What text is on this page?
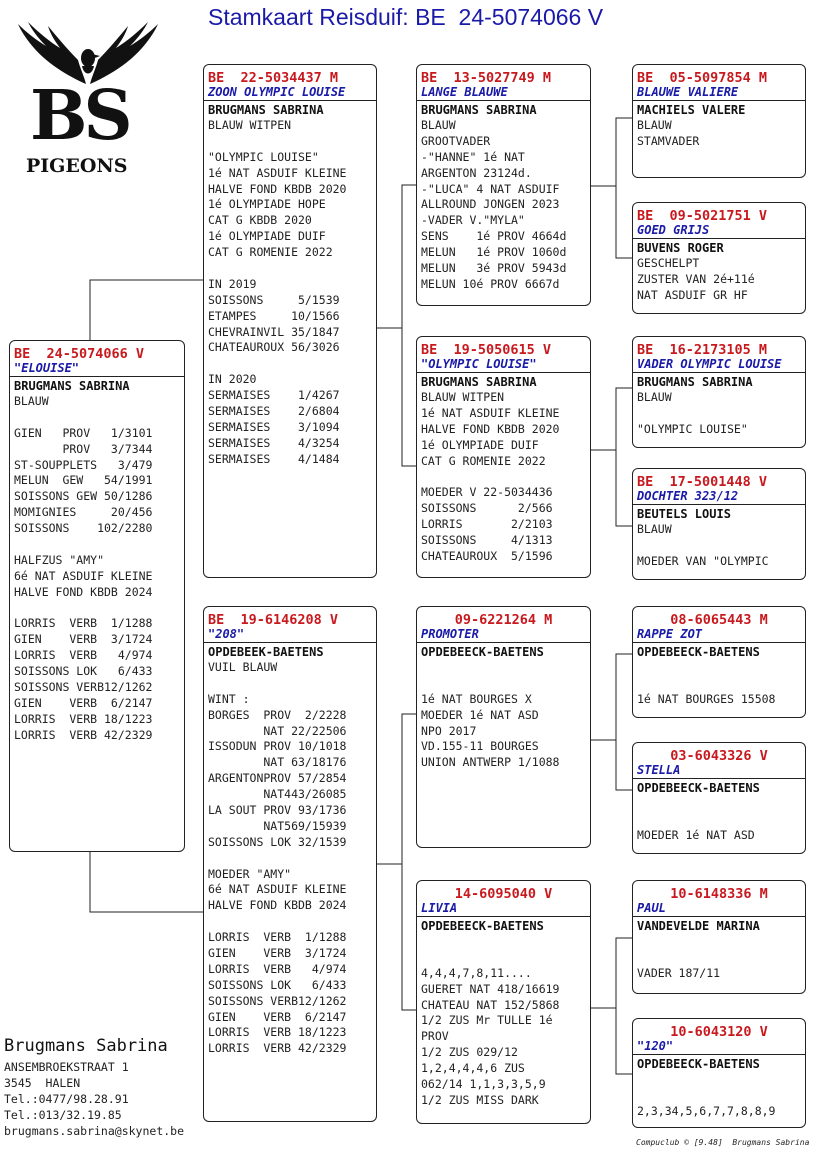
Stamkaart Reisduif: BE  24-5074066 V
BS
PIGEONS
BE  24-5074066 V
"ELOUISE"
BRUGMANS SABRINA
BLAUW
GIEN   PROV   1/3101
PROV   3/7344
ST-SOUPPLETS   3/479
MELUN  GEW   54/1991
SOISSONS GEW 50/1286
MOMIGNIES     20/456
SOISSONS    102/2280
HALFZUS "AMY"
6é NAT ASDUIF KLEINE
HALVE FOND KBDB 2024
LORRIS  VERB  1/1288
GIEN    VERB  3/1724
LORRIS  VERB   4/974
SOISSONS LOK   6/433
SOISSONS VERB12/1262
GIEN    VERB  6/2147
LORRIS  VERB 18/1223
LORRIS  VERB 42/2329
BE  22-5034437 M
ZOON OLYMPIC LOUISE
BRUGMANS SABRINA
BLAUW WITPEN
"OLYMPIC LOUISE"
1é NAT ASDUIF KLEINE
HALVE FOND KBDB 2020
1é OLYMPIADE HOPE
CAT G KBDB 2020
1é OLYMPIADE DUIF
CAT G ROMENIE 2022
IN 2019
SOISSONS     5/1539
ETAMPES     10/1566
CHEVRAINVIL 35/1847
CHATEAUROUX 56/3026
IN 2020
SERMAISES    1/4267
SERMAISES    2/6804
SERMAISES    3/1094
SERMAISES    4/3254
SERMAISES    4/1484
BE  19-6146208 V
"208"
OPDEBEEK-BAETENS
VUIL BLAUW
WINT :
BORGES  PROV  2/2228
NAT 22/22506
ISSODUN PROV 10/1018
NAT 63/18176
ARGENTONPROV 57/2854
NAT443/26085
LA SOUT PROV 93/1736
NAT569/15939
SOISSONS LOK 32/1539
MOEDER "AMY"
6é NAT ASDUIF KLEINE
HALVE FOND KBDB 2024
LORRIS  VERB  1/1288
GIEN    VERB  3/1724
LORRIS  VERB   4/974
SOISSONS LOK   6/433
SOISSONS VERB12/1262
GIEN    VERB  6/2147
LORRIS  VERB 18/1223
LORRIS  VERB 42/2329
BE  13-5027749 M
LANGE BLAUWE
BRUGMANS SABRINA
BLAUW
GROOTVADER
-"HANNE" 1é NAT
ARGENTON 23124d.
-"LUCA" 4 NAT ASDUIF
ALLROUND JONGEN 2023
-VADER V."MYLA"
SENS    1é PROV 4664d
MELUN   1é PROV 1060d
MELUN   3é PROV 5943d
MELUN 10é PROV 6667d
BE  19-5050615 V
"OLYMPIC LOUISE"
BRUGMANS SABRINA
BLAUW WITPEN
1é NAT ASDUIF KLEINE
HALVE FOND KBDB 2020
1é OLYMPIADE DUIF
CAT G ROMENIE 2022
MOEDER V 22-5034436
SOISSONS      2/566
LORRIS       2/2103
SOISSONS     4/1313
CHATEAUROUX  5/1596
09-6221264 M
PROMOTER
OPDEBEECK-BAETENS
1é NAT BOURGES X
MOEDER 1é NAT ASD
NPO 2017
VD.155-11 BOURGES
UNION ANTWERP 1/1088
14-6095040 V
LIVIA
OPDEBEECK-BAETENS
4,4,4,7,8,11....
GUERET NAT 418/16619
CHATEAU NAT 152/5868
1/2 ZUS Mr TULLE 1é
PROV
1/2 ZUS 029/12
1,2,4,4,4,6 ZUS
062/14 1,1,3,3,5,9
1/2 ZUS MISS DARK
BE  05-5097854 M
BLAUWE VALIERE
MACHIELS VALERE
BLAUW
STAMVADER
BE  09-5021751 V
GOED GRIJS
BUVENS ROGER
GESCHELPT
ZUSTER VAN 2é+11é
NAT ASDUIF GR HF
BE  16-2173105 M
VADER OLYMPIC LOUISE
BRUGMANS SABRINA
BLAUW
"OLYMPIC LOUISE"
BE  17-5001448 V
DOCHTER 323/12
BEUTELS LOUIS
BLAUW
MOEDER VAN "OLYMPIC
08-6065443 M
RAPPE ZOT
OPDEBEECK-BAETENS
1é NAT BOURGES 15508
03-6043326 V
STELLA
OPDEBEECK-BAETENS
MOEDER 1é NAT ASD
10-6148336 M
PAUL
VANDEVELDE MARINA
VADER 187/11
10-6043120 V
"120"
OPDEBEECK-BAETENS
2,3,34,5,6,7,7,8,8,9
Brugmans Sabrina
ANSEMBROEKSTRAAT 1
3545  HALEN
Tel.:0477/98.28.91
Tel.:013/32.19.85
brugmans.sabrina@skynet.be
Compuclub © [9.48]  Brugmans Sabrina
